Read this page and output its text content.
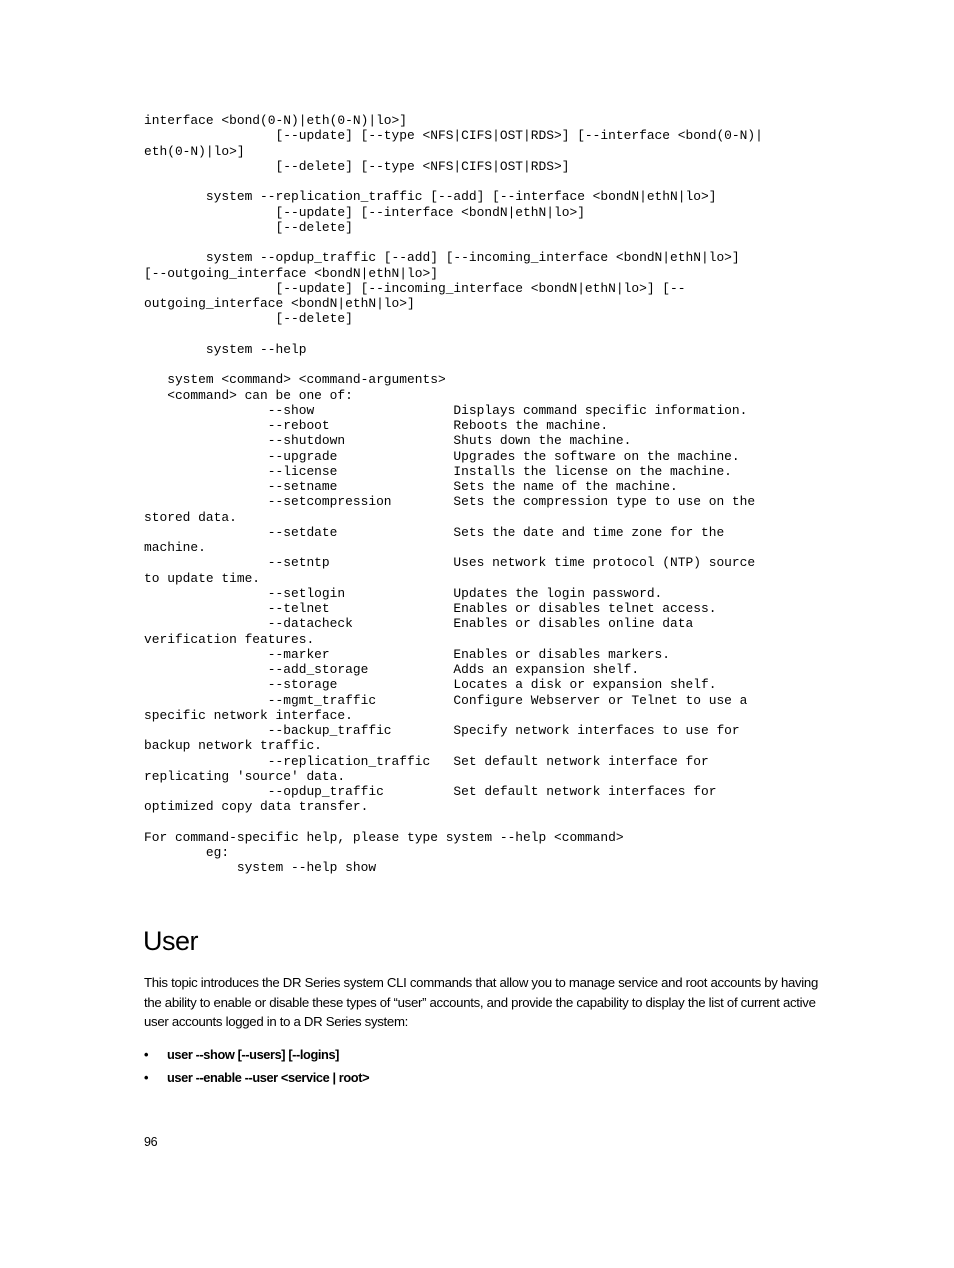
interface <bond(0-N)|eth(0-N)|lo>]
[--update] [--type <NFS|CIFS|OST|RDS>] [--interface <bond(0-N)|
eth(0-N)|lo>]
[--delete] [--type <NFS|CIFS|OST|RDS>]

system --replication_traffic [--add] [--interface <bondN|ethN|lo>]
[--update] [--interface <bondN|ethN|lo>]
[--delete]

system --opdup_traffic [--add] [--incoming_interface <bondN|ethN|lo>]
[--outgoing_interface <bondN|ethN|lo>]
[--update] [--incoming_interface <bondN|ethN|lo>] [--
outgoing_interface <bondN|ethN|lo>]
[--delete]

system --help

system <command> <command-arguments>
<command> can be one of:
--show                  Displays command specific information.
--reboot                Reboots the machine.
--shutdown              Shuts down the machine.
--upgrade               Upgrades the software on the machine.
--license               Installs the license on the machine.
--setname               Sets the name of the machine.
--setcompression        Sets the compression type to use on the
stored data.
--setdate               Sets the date and time zone for the
machine.
--setntp                Uses network time protocol (NTP) source
to update time.
--setlogin              Updates the login password.
--telnet                Enables or disables telnet access.
--datacheck             Enables or disables online data
verification features.
--marker                Enables or disables markers.
--add_storage           Adds an expansion shelf.
--storage               Locates a disk or expansion shelf.
--mgmt_traffic          Configure Webserver or Telnet to use a
specific network interface.
--backup_traffic        Specify network interfaces to use for
backup network traffic.
--replication_traffic   Set default network interface for
replicating 'source' data.
--opdup_traffic         Set default network interfaces for
optimized copy data transfer.

For command-specific help, please type system --help <command>
eg:
system --help show
User

This topic introduces the DR Series system CLI commands that allow you to manage service and root accounts by having the ability to enable or disable these types of “user” accounts, and provide the capability to display the list of current active user accounts logged in to a DR Series system:

• user --show [--users] [--logins]
• user --enable --user <service | root>
96
